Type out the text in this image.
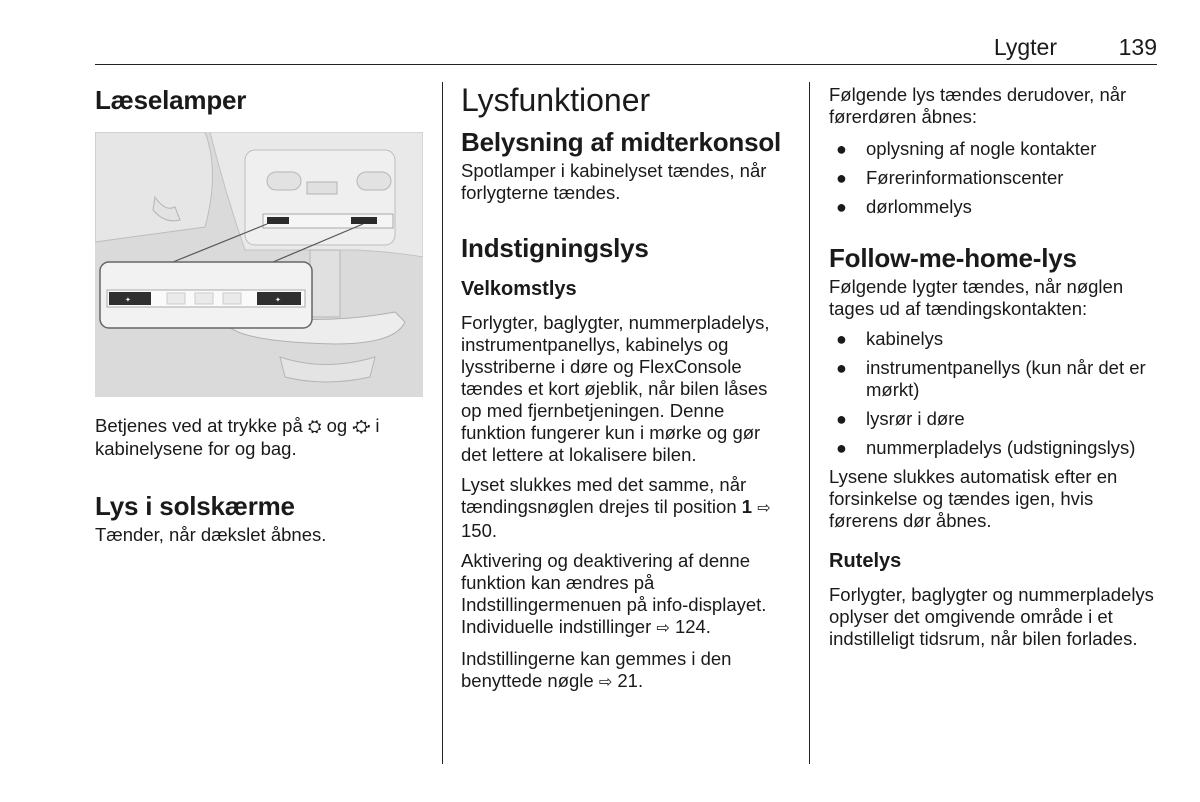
Lygter	139
Læselamper
✦	✦

Betjenes ved at trykke på ⛭ og ⛮ i kabinelysene for og bag.

Lys i solskærme

Tænder, når dækslet åbnes.

Lysfunktioner
Belysning af midterkonsol

Spotlamper i kabinelyset tændes, når forlygterne tændes.

Indstigningslys
Velkomstlys

Forlygter, baglygter, nummerpladelys, instrumentpanellys, kabinelys og lysstriberne i døre og FlexConsole tændes et kort øjeblik, når bilen låses op med fjernbetjeningen. Denne funktion fungerer kun i mørke og gør det lettere at lokalisere bilen.

Lyset slukkes med det samme, når tændingsnøglen drejes til position 1 ⇨ 150.

Aktivering og deaktivering af denne funktion kan ændres på Indstillingermenuen på info-displayet. Individuelle indstillinger ⇨ 124.

Indstillingerne kan gemmes i den benyttede nøgle ⇨ 21.

Følgende lys tændes derudover, når førerdøren åbnes:

● oplysning af nogle kontakter
● Førerinformationscenter
● dørlommelys
Follow-me-home-lys

Følgende lygter tændes, når nøglen tages ud af tændingskontakten:

● kabinelys
● instrumentpanellys (kun når det er mørkt)
● lysrør i døre
● nummerpladelys (udstigningslys)

Lysene slukkes automatisk efter en forsinkelse og tændes igen, hvis førerens dør åbnes.

Rutelys

Forlygter, baglygter og nummerpladelys oplyser det omgivende område i et indstilleligt tidsrum, når bilen forlades.
